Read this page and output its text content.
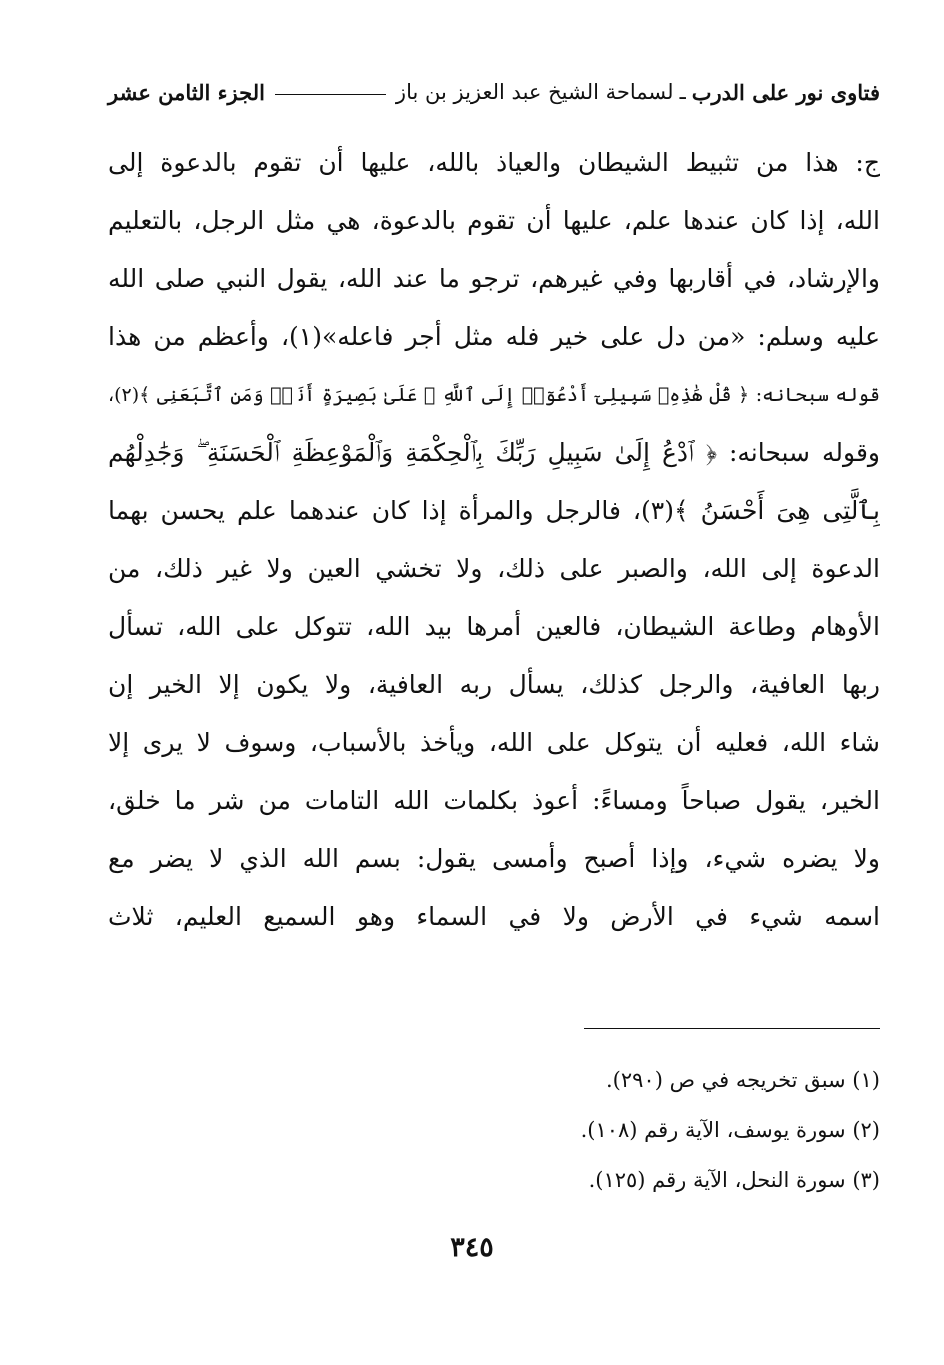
فتاوى نور على الدرب
ـ
لسماحة الشيخ عبد العزيز بن باز
الجزء الثامن عشر
ج: هذا من تثبيط الشيطان والعياذ بالله، عليها أن تقوم بالدعوة إلى
الله، إذا كان عندها علم، عليها أن تقوم بالدعوة، هي مثل الرجل، بالتعليم
والإرشاد، في أقاربها وفي غيرهم، ترجو ما عند الله، يقول النبي صلى الله
عليه وسلم: «من دل على خير فله مثل أجر فاعله»(١)، وأعظم من هذا
قوله سبحانه: ﴿ قُلْ هَٰذِهِۦ سَبِيلِىٓ أَدْعُوٓا۟ إِلَى ٱللَّهِ ۚ عَلَىٰ بَصِيرَةٍ أَنَا۠ وَمَنِ ٱتَّبَعَنِى ﴾(٢)،
وقوله سبحانه: ﴿ ٱدْعُ إِلَىٰ سَبِيلِ رَبِّكَ بِٱلْحِكْمَةِ وَٱلْمَوْعِظَةِ ٱلْحَسَنَةِ ۖ وَجَٰدِلْهُم
بِٱلَّتِى هِىَ أَحْسَنُ ﴾(٣)، فالرجل والمرأة إذا كان عندهما علم يحسن بهما
الدعوة إلى الله، والصبر على ذلك، ولا تخشي العين ولا غير ذلك، من
الأوهام وطاعة الشيطان، فالعين أمرها بيد الله، تتوكل على الله، تسأل
ربها العافية، والرجل كذلك، يسأل ربه العافية، ولا يكون إلا الخير إن
شاء الله، فعليه أن يتوكل على الله، ويأخذ بالأسباب، وسوف لا يرى إلا
الخير، يقول صباحاً ومساءً: أعوذ بكلمات الله التامات من شر ما خلق،
ولا يضره شيء، وإذا أصبح وأمسى يقول: بسم الله الذي لا يضر مع
اسمه شيء في الأرض ولا في السماء وهو السميع العليم، ثلاث
(١) سبق تخريجه في ص (٢٩٠).
(٢) سورة يوسف، الآية رقم (١٠٨).
(٣) سورة النحل، الآية رقم (١٢٥).
٣٤٥
